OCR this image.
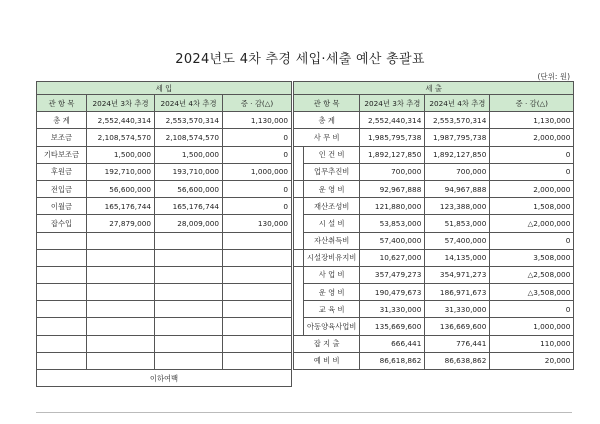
2024년도 4차 추경 세입·세출 예산 총괄표
(단위: 원)
세 입			
관 항 목	2024년 3차 추경	2024년 4차 추경	증 · 감(△)
총 계	2,552,440,314	2,553,570,314	1,130,000
보조금	2,108,574,570	2,108,574,570	0
기타보조금	1,500,000	1,500,000	0
후원금	192,710,000	193,710,000	1,000,000
전입금	56,600,000	56,600,000	0
이월금	165,176,744	165,176,744	0
잡수입	27,879,000	28,009,000	130,000

이하여백			
세 출				
관 항 목		2024년 3차 추경	2024년 4차 추경	증 · 감(△)
총 계		2,552,440,314	2,553,570,314	1,130,000
사 무 비		1,985,795,738	1,987,795,738	2,000,000
	인 건 비	1,892,127,850	1,892,127,850	0
	업무추진비	700,000	700,000	0
	운 영 비	92,967,888	94,967,888	2,000,000
	재산조성비	121,880,000	123,388,000	1,508,000
	시 설 비	53,853,000	51,853,000	△2,000,000
	자산취득비	57,400,000	57,400,000	0
	시설장비유지비	10,627,000	14,135,000	3,508,000
	사 업 비	357,479,273	354,971,273	△2,508,000
	운 영 비	190,479,673	186,971,673	△3,508,000
	교 육 비	31,330,000	31,330,000	0
	아동양육사업비	135,669,600	136,669,600	1,000,000
잡 지 출		666,441	776,441	110,000
예 비 비		86,618,862	86,638,862	20,000
